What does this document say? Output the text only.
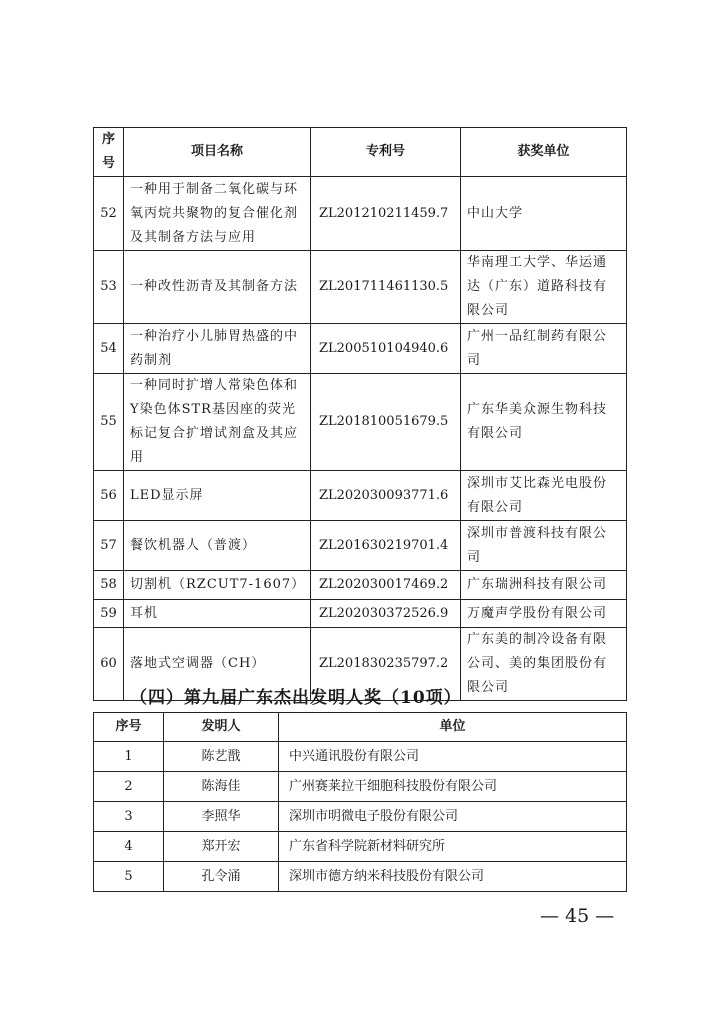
序号	项目名称	专利号	获奖单位
52	一种用于制备二氧化碳与环氧丙烷共聚物的复合催化剂及其制备方法与应用	ZL201210211459.7	中山大学
53	一种改性沥青及其制备方法	ZL201711461130.5	华南理工大学、华运通达（广东）道路科技有限公司
54	一种治疗小儿肺胃热盛的中药制剂	ZL200510104940.6	广州一品红制药有限公司
55	一种同时扩增人常染色体和Y染色体STR基因座的荧光标记复合扩增试剂盒及其应用	ZL201810051679.5	广东华美众源生物科技有限公司
56	LED显示屏	ZL202030093771.6	深圳市艾比森光电股份有限公司
57	餐饮机器人（普渡）	ZL201630219701.4	深圳市普渡科技有限公司
58	切割机（RZCUT7-1607）	ZL202030017469.2	广东瑞洲科技有限公司
59	耳机	ZL202030372526.9	万魔声学股份有限公司
60	落地式空调器（CH）	ZL201830235797.2	广东美的制冷设备有限公司、美的集团股份有限公司
（四）第九届广东杰出发明人奖（10项）
序号	发明人	单位
1	陈艺戬	中兴通讯股份有限公司
2	陈海佳	广州赛莱拉干细胞科技股份有限公司
3	李照华	深圳市明微电子股份有限公司
4	郑开宏	广东省科学院新材料研究所
5	孔令涌	深圳市德方纳米科技股份有限公司
— 45 —
